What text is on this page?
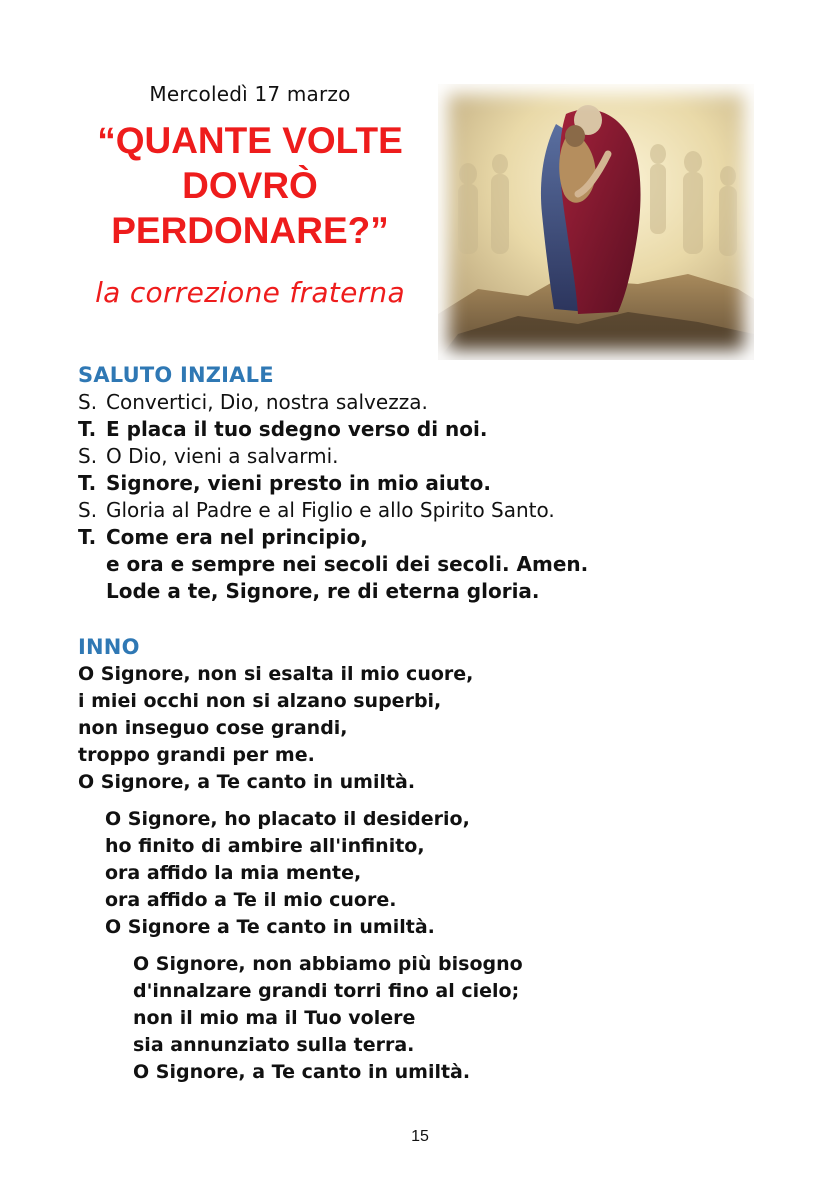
Mercoledì 17 marzo
“QUANTE VOLTE
DOVRÒ
PERDONARE?”
la correzione fraterna
SALUTO INZIALE
S. Convertici, Dio, nostra salvezza.
T. E placa il tuo sdegno verso di noi.
S. O Dio, vieni a salvarmi.
T. Signore, vieni presto in mio aiuto.
S. Gloria al Padre e al Figlio e allo Spirito Santo.
T. Come era nel principio,
e ora e sempre nei secoli dei secoli. Amen.
Lode a te, Signore, re di eterna gloria.
INNO
O Signore, non si esalta il mio cuore,
i miei occhi non si alzano superbi,
non inseguo cose grandi,
troppo grandi per me.
O Signore, a Te canto in umiltà.
O Signore, ho placato il desiderio,
ho finito di ambire all'infinito,
ora affido la mia mente,
ora affido a Te il mio cuore.
O Signore a Te canto in umiltà.
O Signore, non abbiamo più bisogno
d'innalzare grandi torri fino al cielo;
non il mio ma il Tuo volere
sia annunziato sulla terra.
O Signore, a Te canto in umiltà.
15
